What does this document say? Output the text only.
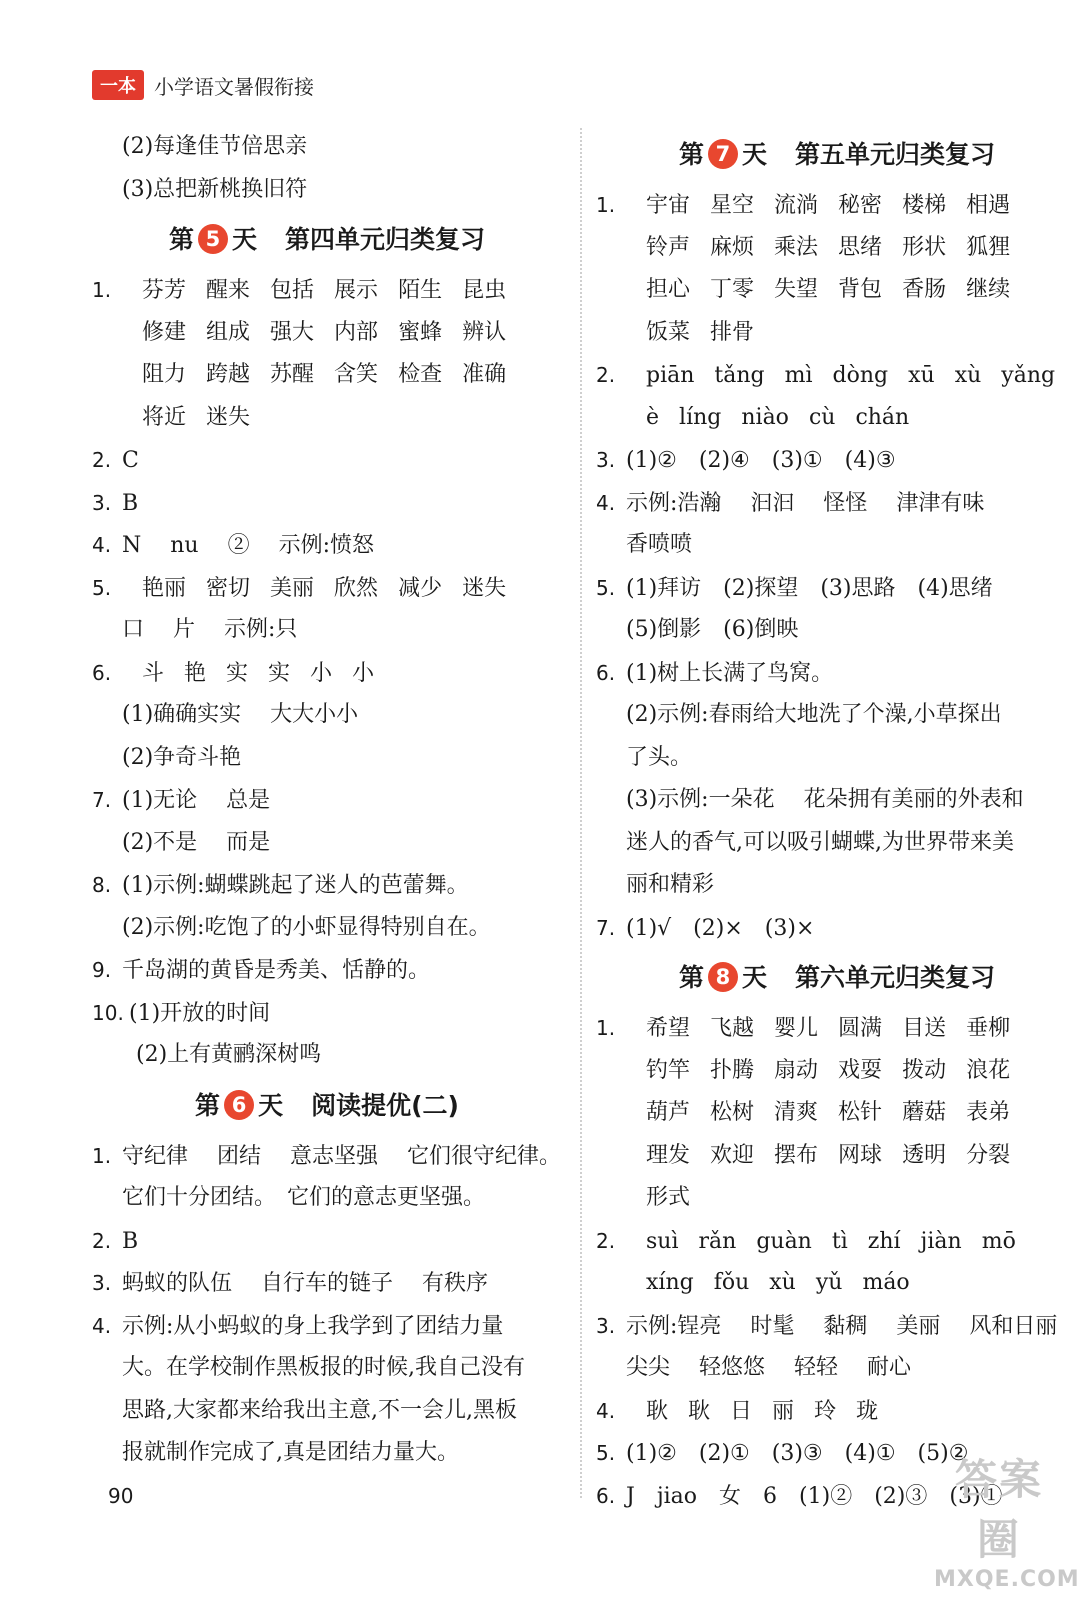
一本 小学语文暑假衔接
(2)每逢佳节倍思亲
(3)总把新桃换旧符
第 5 天 第四单元归类复习
1. 芬芳 醒来 包括 展示 陌生 昆虫
修建 组成 强大 内部 蜜蜂 辨认
阻力 跨越 苏醒 含笑 检查 准确
将近 迷失
2. C
3. B
4. N　 nu　 ②　 示例:愤怒
5. 艳丽 密切 美丽 欣然 减少 迷失
口　 片　 示例:只
6. 斗 艳 实 实 小 小
(1)确确实实　 大大小小
(2)争奇斗艳
7. (1)无论　 总是
(2)不是　 而是
8. (1)示例:蝴蝶跳起了迷人的芭蕾舞。
(2)示例:吃饱了的小虾显得特别自在。
9. 千岛湖的黄昏是秀美、恬静的。
10. (1)开放的时间
(2)上有黄鹂深树鸣
第 6 天 阅读提优(二)
1. 守纪律　 团结　 意志坚强　 它们很守纪律。
它们十分团结。　它们的意志更坚强。
2. B
3. 蚂蚁的队伍　 自行车的链子　 有秩序
4. 示例:从小蚂蚁的身上我学到了团结力量
大。在学校制作黑板报的时候,我自己没有
思路,大家都来给我出主意,不一会儿,黑板
报就制作完成了,真是团结力量大。
第 7 天 第五单元归类复习
1. 宇宙 星空 流淌 秘密 楼梯 相遇
铃声 麻烦 乘法 思绪 形状 狐狸
担心 丁零 失望 背包 香肠 继续
饭菜 排骨
2. piān tǎng mì dòng xū xù yǎng
è líng niào cù chán
3. (1)②　(2)④　(3)①　(4)③
4. 示例:浩瀚　 汩汩　 怪怪　 津津有味
香喷喷
5. (1)拜访　(2)探望　(3)思路　(4)思绪
(5)倒影　(6)倒映
6. (1)树上长满了鸟窝。
(2)示例:春雨给大地洗了个澡,小草探出
了头。
(3)示例:一朵花　 花朵拥有美丽的外表和
迷人的香气,可以吸引蝴蝶,为世界带来美
丽和精彩
7. (1)√　(2)×　(3)×
第 8 天 第六单元归类复习
1. 希望 飞越 婴儿 圆满 目送 垂柳
钓竿 扑腾 扇动 戏耍 拨动 浪花
葫芦 松树 清爽 松针 蘑菇 表弟
理发 欢迎 摆布 网球 透明 分裂
形式
2. suì rǎn guàn tì zhí jiàn mō
xíng fǒu xù yǔ máo
3. 示例:锃亮　 时髦　 黏稠　 美丽　 风和日丽
尖尖　 轻悠悠　 轻轻　 耐心
4. 耿 耿 日 丽 玲 珑
5. (1)②　(2)①　(3)③　(4)①　(5)②
6. J　jiao　女　6　(1)②　(2)③　(3)①
90	答案圈
MXQE.COM
